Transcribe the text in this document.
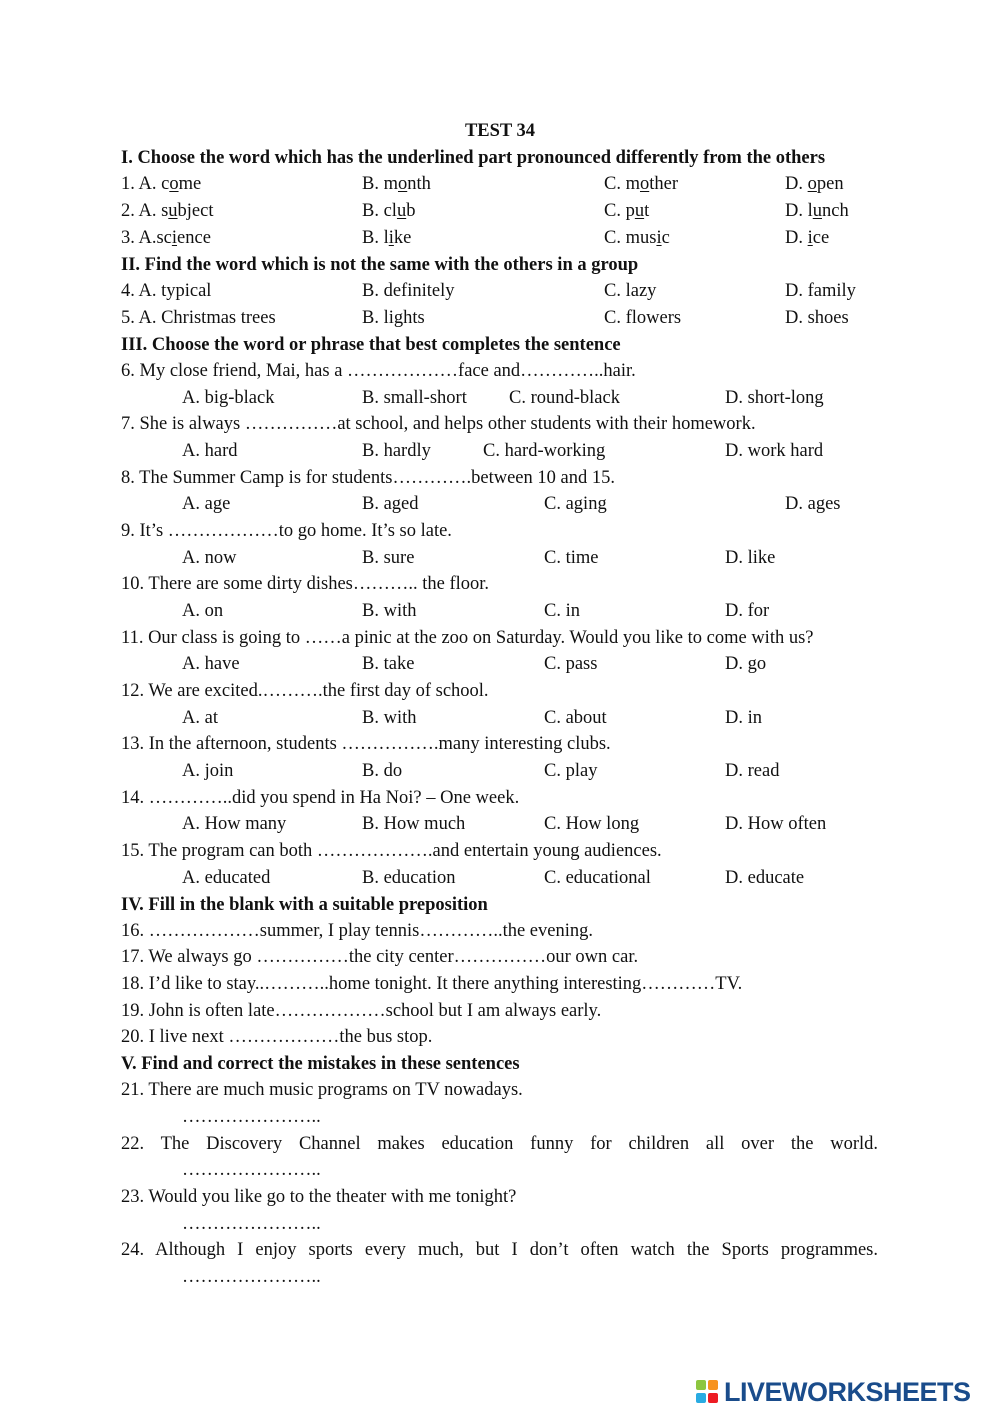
TEST 34
I. Choose the word which has the underlined part pronounced differently from the others
1. A. come	B. month	C. mother	D. open
2. A. subject	B. club	C. put	D. lunch
3. A.science	B. like	C. music	D. ice
II. Find the word which is not the same with the others in a group
4. A. typical	B. definitely	C. lazy	D. family
5. A. Christmas trees	B. lights	C. flowers	D. shoes
III. Choose the word or phrase that best completes the sentence
6. My close friend, Mai, has a ………………face and…………..hair.
A. big-black	B. small-short C. round-black	D. short-long
7. She is always ……………at school, and helps other students with their homework.
A. hard	B. hardly	C. hard-working	D. work hard
8. The Summer Camp is for students………….between 10 and 15.
A. age	B. aged	C. aging	D. ages
9. It’s ………………to go home. It’s so late.
A. now	B. sure	C. time	D. like
10. There are some dirty dishes……….. the floor.
A. on	B. with	C. in	D. for
11. Our class is going to ……a pinic at the zoo on Saturday. Would you like to come with us?
A. have	B. take	C. pass	D. go
12. We are excited.……….the first day of school.
A. at	B. with	C. about	D. in
13. In the afternoon, students …………….many interesting clubs.
A. join	B. do	C. play	D. read
14. …………..did you spend in Ha Noi? – One week.
A. How many	B. How much	C. How long	D. How often
15. The program can both ……………….and entertain young audiences.
A. educated	B. education	C. educational	D. educate
IV. Fill in the blank with a suitable preposition
16. ………………summer, I play tennis…………..the evening.
17. We always go ……………the city center……………our own car.
18. I’d like to stay..………..home tonight. It there anything interesting…………TV.
19. John is often late………………school but I am always early.
20. I live next ………………the bus stop.
V. Find and correct the mistakes in these sentences
21. There are much music programs on TV nowadays.
…………………..
22. The Discovery Channel makes education funny for children all over the world.
…………………..
23. Would you like go to the theater with me tonight?
…………………..
24. Although I enjoy sports every much, but I don’t often watch the Sports programmes.
…………………..
LIVEWORKSHEETS
